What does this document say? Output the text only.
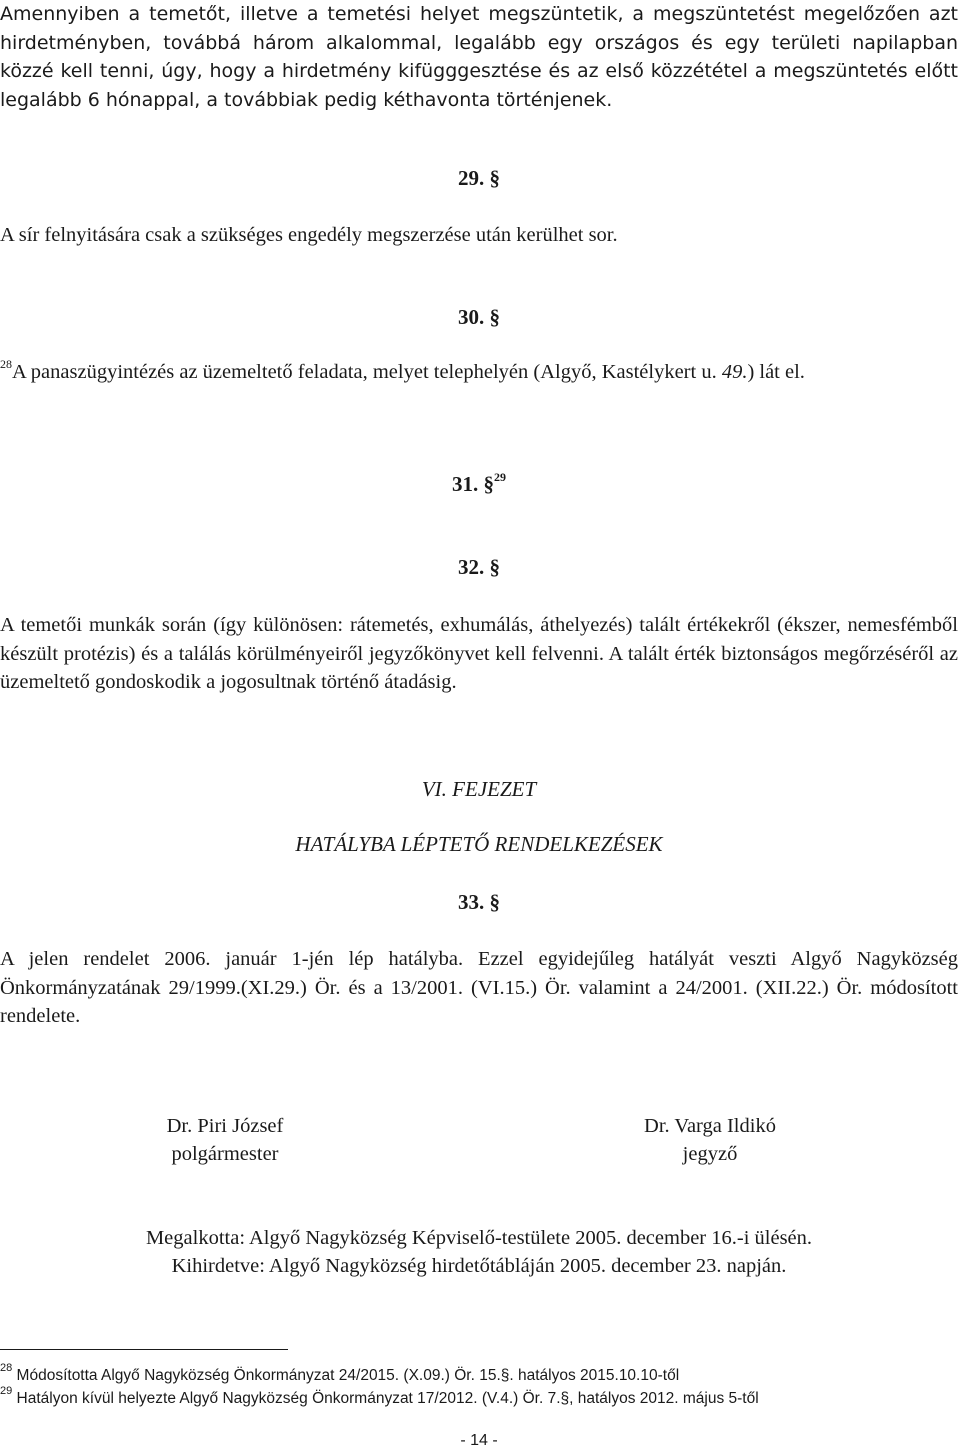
Amennyiben a temetőt, illetve a temetési helyet megszüntetik, a megszüntetést megelőzően azt hirdetményben, továbbá három alkalommal, legalább egy országos és egy területi napilapban közzé kell tenni, úgy, hogy a hirdetmény kifügggesztése és az első közzététel a megszüntetés előtt legalább 6 hónappal, a továbbiak pedig kéthavonta történjenek.

29. §

A sír felnyitására csak a szükséges engedély megszerzése után kerülhet sor.

30. §

$^{28}$A panaszügyintézés az üzemeltető feladata, melyet telephelyén (Algyő, Kastélykert u. 49.) lát el.

31. §$^{29}$
32. §

A temetői munkák során (így különösen: rátemetés, exhumálás, áthelyezés) talált értékekről (ékszer, nemesfémből készült protézis) és a találás körülményeiről jegyzőkönyvet kell felvenni. A talált érték biztonságos megőrzéséről az üzemeltető gondoskodik a jogosultnak történő átadásig.

VI. FEJEZET
HATÁLYBA LÉPTETŐ RENDELKEZÉSEK
33. §

A jelen rendelet 2006. január 1-jén lép hatályba. Ezzel egyidejűleg hatályát veszti Algyő Nagyközség Önkormányzatának 29/1999.(XI.29.) Ör. és a 13/2001. (VI.15.) Ör. valamint a 24/2001. (XII.22.) Ör. módosított rendelete.

Dr. Piri József
polgármester
Dr. Varga Ildikó
jegyző

Megalkotta: Algyő Nagyközség Képviselő-testülete 2005. december 16.-i ülésén.

Kihirdetve: Algyő Nagyközség hirdetőtábláján 2005. december 23. napján.

$^{28}$ Módosította Algyő Nagyközség Önkormányzat 24/2015. (X.09.) Ör. 15.§. hatályos 2015.10.10-től
$^{29}$ Hatályon kívül helyezte Algyő Nagyközség Önkormányzat 17/2012. (V.4.) Ör. 7.§, hatályos 2012. május 5-től
- 14 -
